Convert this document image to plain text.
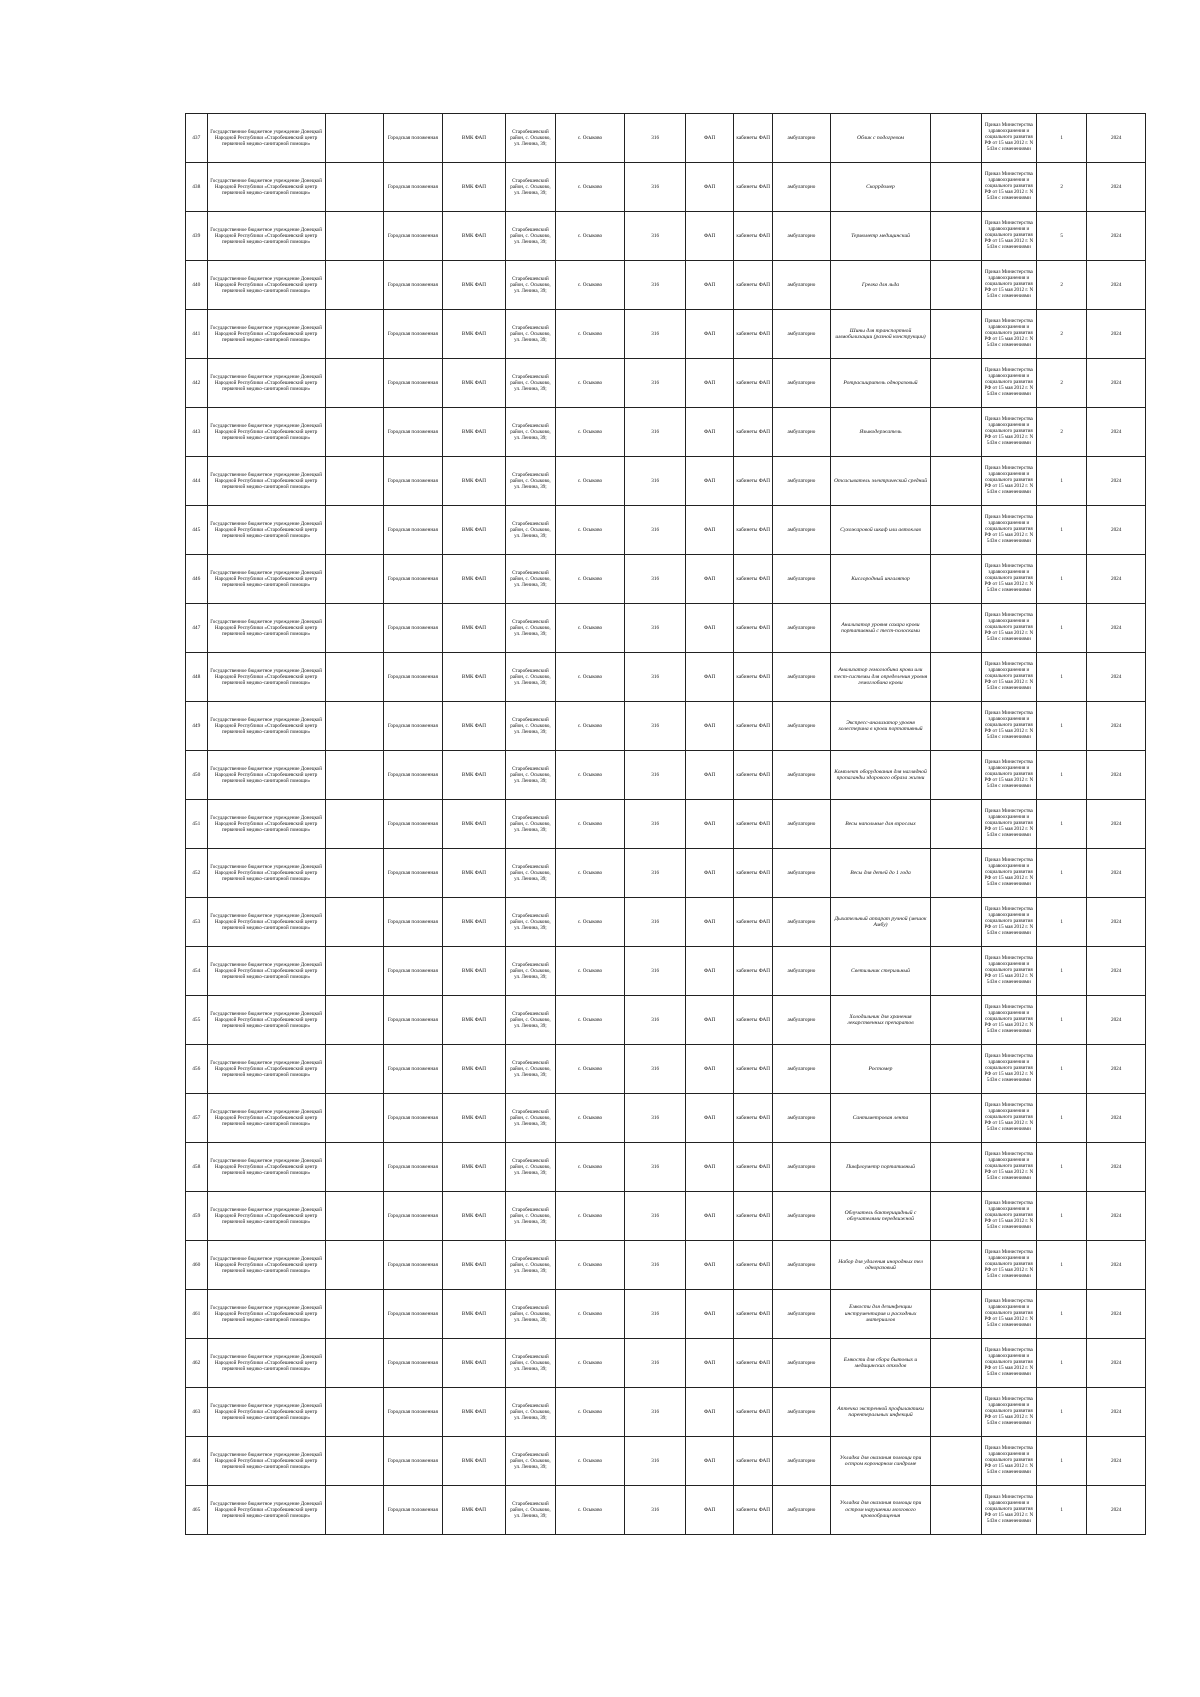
437	Государственное бюджетное учреждение Донецкой Народной Республики «Старобешевский центр первичной медико-санитарной помощи»		Городская положенная	ВМК ФАП	Старобешевский район, с. Осыково, ул. Ленина, 39;	с. Осыково	316	ФАП	кабинеты ФАП	амбулаторно	Облик с подогревом		Приказ Министерства здравоохранения и социального развития РФ от 15 мая 2012 г. N 543н с изменениями	1	2024
438	Государственное бюджетное учреждение Донецкой Народной Республики «Старобешевский центр первичной медико-санитарной помощи»		Городская положенная	ВМК ФАП	Старобешевский район, с. Осыково, ул. Ленина, 39;	с. Осыково	316	ФАП	кабинеты ФАП	амбулаторно	Скоррдомер		Приказ Министерства здравоохранения и социального развития РФ от 15 мая 2012 г. N 543н с изменениями	2	2024
439	Государственное бюджетное учреждение Донецкой Народной Республики «Старобешевский центр первичной медико-санитарной помощи»		Городская положенная	ВМК ФАП	Старобешевский район, с. Осыково, ул. Ленина, 39;	с. Осыково	316	ФАП	кабинеты ФАП	амбулаторно	Термометр медицинский		Приказ Министерства здравоохранения и социального развития РФ от 15 мая 2012 г. N 543н с изменениями	5	2024
440	Государственное бюджетное учреждение Донецкой Народной Республики «Старобешевский центр первичной медико-санитарной помощи»		Городская положенная	ВМК ФАП	Старобешевский район, с. Осыково, ул. Ленина, 39;	с. Осыково	316	ФАП	кабинеты ФАП	амбулаторно	Грелка для льда		Приказ Министерства здравоохранения и социального развития РФ от 15 мая 2012 г. N 543н с изменениями	2	2024
441	Государственное бюджетное учреждение Донецкой Народной Республики «Старобешевский центр первичной медико-санитарной помощи»		Городская положенная	ВМК ФАП	Старобешевский район, с. Осыково, ул. Ленина, 39;	с. Осыково	316	ФАП	кабинеты ФАП	амбулаторно	Шины для транспортной иммобилизации (разной конструкции)		Приказ Министерства здравоохранения и социального развития РФ от 15 мая 2012 г. N 543н с изменениями	2	2024
442	Государственное бюджетное учреждение Донецкой Народной Республики «Старобешевский центр первичной медико-санитарной помощи»		Городская положенная	ВМК ФАП	Старобешевский район, с. Осыково, ул. Ленина, 39;	с. Осыково	316	ФАП	кабинеты ФАП	амбулаторно	Ротрасширитель одноразовый		Приказ Министерства здравоохранения и социального развития РФ от 15 мая 2012 г. N 543н с изменениями	2	2024
443	Государственное бюджетное учреждение Донецкой Народной Республики «Старобешевский центр первичной медико-санитарной помощи»		Городская положенная	ВМК ФАП	Старобешевский район, с. Осыково, ул. Ленина, 39;	с. Осыково	316	ФАП	кабинеты ФАП	амбулаторно	Языкодержатель		Приказ Министерства здравоохранения и социального развития РФ от 15 мая 2012 г. N 543н с изменениями	2	2024
444	Государственное бюджетное учреждение Донецкой Народной Республики «Старобешевский центр первичной медико-санитарной помощи»		Городская положенная	ВМК ФАП	Старобешевский район, с. Осыково, ул. Ленина, 39;	с. Осыково	316	ФАП	кабинеты ФАП	амбулаторно	Отсасыватель электрический средний		Приказ Министерства здравоохранения и социального развития РФ от 15 мая 2012 г. N 543н с изменениями	1	2024
445	Государственное бюджетное учреждение Донецкой Народной Республики «Старобешевский центр первичной медико-санитарной помощи»		Городская положенная	ВМК ФАП	Старобешевский район, с. Осыково, ул. Ленина, 39;	с. Осыково	316	ФАП	кабинеты ФАП	амбулаторно	Сухожаровой шкаф или автоклав		Приказ Министерства здравоохранения и социального развития РФ от 15 мая 2012 г. N 543н с изменениями	1	2024
446	Государственное бюджетное учреждение Донецкой Народной Республики «Старобешевский центр первичной медико-санитарной помощи»		Городская положенная	ВМК ФАП	Старобешевский район, с. Осыково, ул. Ленина, 39;	с. Осыково	316	ФАП	кабинеты ФАП	амбулаторно	Кислородный ингалятор		Приказ Министерства здравоохранения и социального развития РФ от 15 мая 2012 г. N 543н с изменениями	1	2024
447	Государственное бюджетное учреждение Донецкой Народной Республики «Старобешевский центр первичной медико-санитарной помощи»		Городская положенная	ВМК ФАП	Старобешевский район, с. Осыково, ул. Ленина, 39;	с. Осыково	316	ФАП	кабинеты ФАП	амбулаторно	Анализатор уровня сахара крови портативный с тест-полосками		Приказ Министерства здравоохранения и социального развития РФ от 15 мая 2012 г. N 543н с изменениями	1	2024
448	Государственное бюджетное учреждение Донецкой Народной Республики «Старобешевский центр первичной медико-санитарной помощи»		Городская положенная	ВМК ФАП	Старобешевский район, с. Осыково, ул. Ленина, 39;	с. Осыково	316	ФАП	кабинеты ФАП	амбулаторно	Анализатор гемоглобина крови или тест-системы для определения уровня гемоглобина крови		Приказ Министерства здравоохранения и социального развития РФ от 15 мая 2012 г. N 543н с изменениями	1	2024
449	Государственное бюджетное учреждение Донецкой Народной Республики «Старобешевский центр первичной медико-санитарной помощи»		Городская положенная	ВМК ФАП	Старобешевский район, с. Осыково, ул. Ленина, 39;	с. Осыково	316	ФАП	кабинеты ФАП	амбулаторно	Экспресс-анализатор уровня холестерина в крови портативный		Приказ Министерства здравоохранения и социального развития РФ от 15 мая 2012 г. N 543н с изменениями	1	2024
450	Государственное бюджетное учреждение Донецкой Народной Республики «Старобешевский центр первичной медико-санитарной помощи»		Городская положенная	ВМК ФАП	Старобешевский район, с. Осыково, ул. Ленина, 39;	с. Осыково	316	ФАП	кабинеты ФАП	амбулаторно	Комплект оборудования для наглядной пропаганды здорового образа жизни		Приказ Министерства здравоохранения и социального развития РФ от 15 мая 2012 г. N 543н с изменениями	1	2024
451	Государственное бюджетное учреждение Донецкой Народной Республики «Старобешевский центр первичной медико-санитарной помощи»		Городская положенная	ВМК ФАП	Старобешевский район, с. Осыково, ул. Ленина, 39;	с. Осыково	316	ФАП	кабинеты ФАП	амбулаторно	Весы напольные для взрослых		Приказ Министерства здравоохранения и социального развития РФ от 15 мая 2012 г. N 543н с изменениями	1	2024
452	Государственное бюджетное учреждение Донецкой Народной Республики «Старобешевский центр первичной медико-санитарной помощи»		Городская положенная	ВМК ФАП	Старобешевский район, с. Осыково, ул. Ленина, 39;	с. Осыково	316	ФАП	кабинеты ФАП	амбулаторно	Весы для детей до 1 года		Приказ Министерства здравоохранения и социального развития РФ от 15 мая 2012 г. N 543н с изменениями	1	2024
453	Государственное бюджетное учреждение Донецкой Народной Республики «Старобешевский центр первичной медико-санитарной помощи»		Городская положенная	ВМК ФАП	Старобешевский район, с. Осыково, ул. Ленина, 39;	с. Осыково	316	ФАП	кабинеты ФАП	амбулаторно	Дыхательный аппарат ручной (мешок Амбу)		Приказ Министерства здравоохранения и социального развития РФ от 15 мая 2012 г. N 543н с изменениями	1	2024
454	Государственное бюджетное учреждение Донецкой Народной Республики «Старобешевский центр первичной медико-санитарной помощи»		Городская положенная	ВМК ФАП	Старобешевский район, с. Осыково, ул. Ленина, 39;	с. Осыково	316	ФАП	кабинеты ФАП	амбулаторно	Светильник стерильный		Приказ Министерства здравоохранения и социального развития РФ от 15 мая 2012 г. N 543н с изменениями	1	2024
455	Государственное бюджетное учреждение Донецкой Народной Республики «Старобешевский центр первичной медико-санитарной помощи»		Городская положенная	ВМК ФАП	Старобешевский район, с. Осыково, ул. Ленина, 39;	с. Осыково	316	ФАП	кабинеты ФАП	амбулаторно	Холодильник для хранения лекарственных препаратов		Приказ Министерства здравоохранения и социального развития РФ от 15 мая 2012 г. N 543н с изменениями	1	2024
456	Государственное бюджетное учреждение Донецкой Народной Республики «Старобешевский центр первичной медико-санитарной помощи»		Городская положенная	ВМК ФАП	Старобешевский район, с. Осыково, ул. Ленина, 39;	с. Осыково	316	ФАП	кабинеты ФАП	амбулаторно	Ростомер		Приказ Министерства здравоохранения и социального развития РФ от 15 мая 2012 г. N 543н с изменениями	1	2024
457	Государственное бюджетное учреждение Донецкой Народной Республики «Старобешевский центр первичной медико-санитарной помощи»		Городская положенная	ВМК ФАП	Старобешевский район, с. Осыково, ул. Ленина, 39;	с. Осыково	316	ФАП	кабинеты ФАП	амбулаторно	Сантиметровая лента		Приказ Министерства здравоохранения и социального развития РФ от 15 мая 2012 г. N 543н с изменениями	1	2024
458	Государственное бюджетное учреждение Донецкой Народной Республики «Старобешевский центр первичной медико-санитарной помощи»		Городская положенная	ВМК ФАП	Старобешевский район, с. Осыково, ул. Ленина, 39;	с. Осыково	316	ФАП	кабинеты ФАП	амбулаторно	Пикфлоуметр портативный		Приказ Министерства здравоохранения и социального развития РФ от 15 мая 2012 г. N 543н с изменениями	1	2024
459	Государственное бюджетное учреждение Донецкой Народной Республики «Старобешевский центр первичной медико-санитарной помощи»		Городская положенная	ВМК ФАП	Старобешевский район, с. Осыково, ул. Ленина, 39;	с. Осыково	316	ФАП	кабинеты ФАП	амбулаторно	Облучатель бактерицидный с облучателями передвижной		Приказ Министерства здравоохранения и социального развития РФ от 15 мая 2012 г. N 543н с изменениями	1	2024
460	Государственное бюджетное учреждение Донецкой Народной Республики «Старобешевский центр первичной медико-санитарной помощи»		Городская положенная	ВМК ФАП	Старобешевский район, с. Осыково, ул. Ленина, 39;	с. Осыково	316	ФАП	кабинеты ФАП	амбулаторно	Набор для удаления инородных тел одноразовый		Приказ Министерства здравоохранения и социального развития РФ от 15 мая 2012 г. N 543н с изменениями	1	2024
461	Государственное бюджетное учреждение Донецкой Народной Республики «Старобешевский центр первичной медико-санитарной помощи»		Городская положенная	ВМК ФАП	Старобешевский район, с. Осыково, ул. Ленина, 39;	с. Осыково	316	ФАП	кабинеты ФАП	амбулаторно	Емкости для дезинфекции инструментария и расходных материалов		Приказ Министерства здравоохранения и социального развития РФ от 15 мая 2012 г. N 543н с изменениями	1	2024
462	Государственное бюджетное учреждение Донецкой Народной Республики «Старобешевский центр первичной медико-санитарной помощи»		Городская положенная	ВМК ФАП	Старобешевский район, с. Осыково, ул. Ленина, 39;	с. Осыково	316	ФАП	кабинеты ФАП	амбулаторно	Емкости для сбора бытовых и медицинских отходов		Приказ Министерства здравоохранения и социального развития РФ от 15 мая 2012 г. N 543н с изменениями	1	2024
463	Государственное бюджетное учреждение Донецкой Народной Республики «Старобешевский центр первичной медико-санитарной помощи»		Городская положенная	ВМК ФАП	Старобешевский район, с. Осыково, ул. Ленина, 39;	с. Осыково	316	ФАП	кабинеты ФАП	амбулаторно	Аптечка экстренной профилактики парентеральных инфекций		Приказ Министерства здравоохранения и социального развития РФ от 15 мая 2012 г. N 543н с изменениями	1	2024
464	Государственное бюджетное учреждение Донецкой Народной Республики «Старобешевский центр первичной медико-санитарной помощи»		Городская положенная	ВМК ФАП	Старобешевский район, с. Осыково, ул. Ленина, 39;	с. Осыково	316	ФАП	кабинеты ФАП	амбулаторно	Укладка для оказания помощи при остром коронарном синдроме		Приказ Министерства здравоохранения и социального развития РФ от 15 мая 2012 г. N 543н с изменениями	1	2024
465	Государственное бюджетное учреждение Донецкой Народной Республики «Старобешевский центр первичной медико-санитарной помощи»		Городская положенная	ВМК ФАП	Старобешевский район, с. Осыково, ул. Ленина, 39;	с. Осыково	316	ФАП	кабинеты ФАП	амбулаторно	Укладка для оказания помощи при остром нарушении мозгового кровообращения		Приказ Министерства здравоохранения и социального развития РФ от 15 мая 2012 г. N 543н с изменениями	1	2024
